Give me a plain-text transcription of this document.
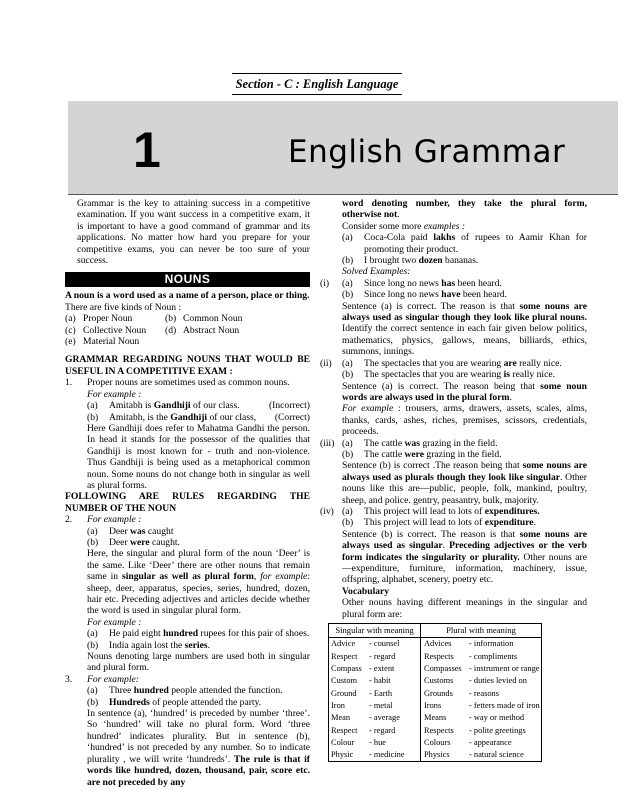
Section - C : English Language
1	English Grammar

Grammar is the key to attaining success in a competitive examination. If you want success in a competitive exam, it is important to have a good command of grammar and its applications. No matter how hard you prepare for your competitive exams, you can never be too sure of your success.

NOUNS

A noun is a word used as a name of a person, place or thing.

There are five kinds of Noun :

(a) Proper Noun	(b) Common Noun
(c) Collective Noun	(d) Abstract Noun
(e) Material Noun

GRAMMAR REGARDING NOUNS THAT WOULD BE USEFUL IN A COMPETITIVE EXAM :

1.	Proper nouns are sometimes used as common nouns.

For example :

(a)	Amitabh is Gandhiji of our class.	(Incorrect)
(b)	Amitabh, is the Gandhiji of our class, (Correct)

Here Gandhiji does refer to Mahatma Gandhi the person. In head it stands for the possessor of the qualities that Gandhiji is most known for - truth and non-violence. Thus Gandhiji is being used as a metaphorical common noun. Some nouns do not change both in singular as well as plural forms.

FOLLOWING ARE RULES REGARDING THE NUMBER OF THE NOUN

2.	For example :
(a)	Deer was caught
(b)	Deer were caught.

Here, the singular and plural form of the noun ‘Deer’ is the same. Like ‘Deer’ there are other nouns that remain same in singular as well as plural form, for example: sheep, deer, apparatus, species, series, hundred, dozen, hair etc. Preceding adjectives and articles decide whether the word is used in singular plural form.

For example :

(a)	He paid eight hundred rupees for this pair of shoes.
(b)	India again lost the series.

Nouns denoting large numbers are used both in singular and plural form.

3.	For example:
(a)	Three hundred people attended the function.
(b)	Hundreds of people attended the party.

In sentence (a), ‘hundred’ is preceded by number ‘three’. So ‘hundred’ will take no plural form. Word ‘three hundred’ indicates plurality. But in sentence (b), ‘hundred’ is not preceded by any number. So to indicate plurality , we will write ‘hundreds’. The rule is that if words like hundred, dozen, thousand, pair, score etc. are not preceded by any

word denoting number, they take the plural form, otherwise not.

Consider some more examples :

(a)	Coca-Cola paid lakhs of rupees to Aamir Khan for promoting their product.
(b)	I brought two dozen bananas.

Solved Examples:

(i)	(a)	Since long no news has been heard.
(b)	Since long no news have been heard.

Sentence (a) is correct. The reason is that some nouns are always used as singular though they look like plural nouns. Identify the correct sentence in each fair given below politics, mathematics, physics, gallows, means, billiards, ethics, summons, innings.

(ii)	(a)	The spectacles that you are wearing are really nice.
(b)	The spectacles that you are wearing is really nice.

Sentence (a) is correct. The reason being that some noun words are always used in the plural form.

For example : trousers, arms, drawers, assets, scales, alms, thanks, cards, ashes, riches, premises, scissors, credentials, proceeds.

(iii) (a)	The cattle was grazing in the field.
(b)	The cattle were grazing in the field.

Sentence (b) is correct .The reason being that some nouns are always used as plurals though they look like singular. Other nouns like this are—public, people, folk, mankind, poultry, sheep, and police. gentry, peasantry, bulk, majority.

(iv) (a)	This project will lead to lots of expenditures.
(b)	This project will lead to lots of expenditure.

Sentence (b) is correct. The reason is that some nouns are always used as singular. Preceding adjectives or the verb form indicates the singularity or plurality. Other nouns are—expenditure, furniture, information, machinery, issue, offspring, alphabet, scenery, poetry etc.

Vocabulary

Other nouns having different meanings in the singular and plural form are:

Singular with meaning	Plural with meaning
Advice	- counsel	Advices	- information
Respect	- regard	Respects	- compliments
Compass - extent	Compasses - instrument or range
Custom	- habit	Customs	- duties levied on
Ground	- Earth	Grounds	- reasons
Iron	- metal	Irons	- fetters made of iron
Mean	- average	Means	- way or method
Respect	- regard	Respects	- polite greetings
Colour	- hue	Colours	- appearance
Physic	- medicine	Physics	- natural science
